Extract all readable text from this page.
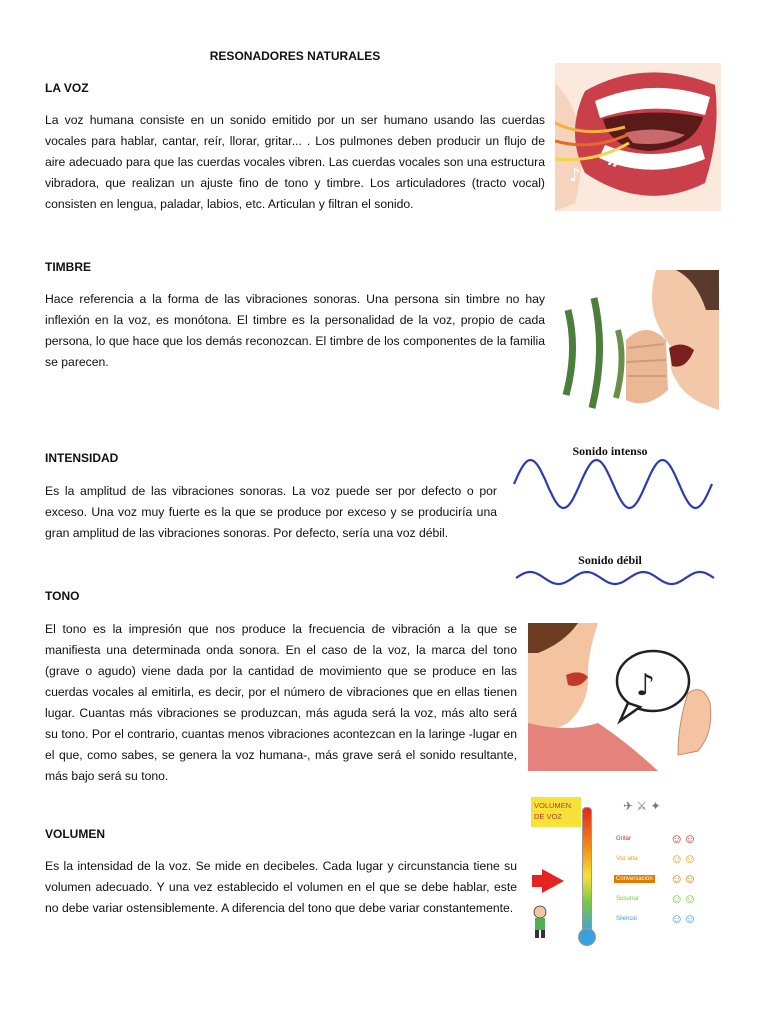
RESONADORES NATURALES
LA VOZ
La voz humana consiste en un sonido emitido por un ser humano usando las cuerdas vocales para hablar, cantar, reír, llorar, gritar... . Los pulmones deben producir un flujo de aire adecuado para que las cuerdas vocales vibren. Las cuerdas vocales son una estructura vibradora, que realizan un ajuste fino de tono y timbre. Los articuladores (tracto vocal) consisten en lengua, paladar, labios, etc. Articulan y filtran el sonido.
TIMBRE
Hace referencia a la forma de las vibraciones sonoras. Una persona sin timbre no hay inflexión en la voz, es monótona. El timbre es la personalidad de la voz, propio de cada persona, lo que hace que los demás reconozcan. El timbre de los componentes de la familia se parecen.
INTENSIDAD
Es la amplitud de las vibraciones sonoras. La voz puede ser por defecto o por exceso. Una voz muy fuerte es la que se produce por exceso y se produciría una gran amplitud de las vibraciones sonoras. Por defecto, sería una voz débil.
TONO
El tono es la impresión que nos produce la frecuencia de vibración a la que se manifiesta una determinada onda sonora. En el caso de la voz, la marca del tono (grave o agudo) viene dada por la cantidad de movimiento que se produce en las cuerdas vocales al emitirla, es decir, por el número de vibraciones que en ellas tienen lugar. Cuantas más vibraciones se produzcan, más aguda será la voz, más alto será su tono. Por el contrario, cuantas menos vibraciones acontezcan en la laringe -lugar en el que, como sabes, se genera la voz humana-, más grave será el sonido resultante, más bajo será su tono.
VOLUMEN
Es la intensidad de la voz. Se mide en decibeles. Cada lugar y circunstancia tiene su volumen adecuado. Y una vez establecido el volumen en el que se debe hablar, este no debe variar ostensiblemente. A diferencia del tono que debe variar constantemente.
♪
♫
Sonido intenso
Sonido débil
♪
VOLUMEN
DE VOZ
✈ ⚔ ✦
Gritar	☺☺
Voz alta	☺☺
Conversación ☺☺
Susurrar ☺☺
Silencio	☺☺
